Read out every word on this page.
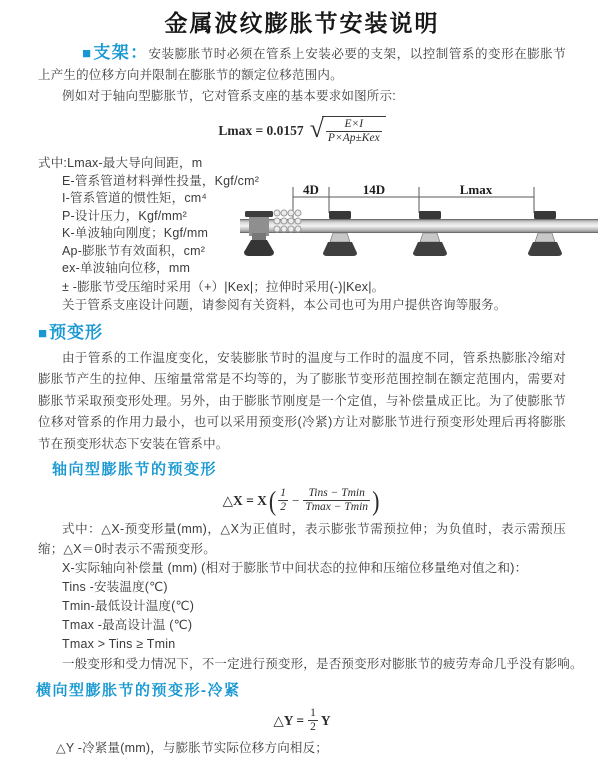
金属波纹膨胀节安装说明

■支架：安装膨胀节时必须在管系上安装必要的支架，以控制管系的变形在膨胀节上产生的位移方向并限制在膨胀节的额定位移范围内。

例如对于轴向型膨胀节，它对管系支座的基本要求如图所示:

Lmax = 0.0157 √ $\frac{E\times I}{\text{P×Ap±Kex}}$
式中:Lmax-最大导向间距，m
E-管系管道材料弹性投量，Kgf/cm²
I-管系管道的惯性矩，cm⁴
P-设计压力，Kgf/mm²
K-单波轴向刚度；Kgf/mm
Ap-膨胀节有效面积，cm²
ex-单波轴向位移，mm
4D	14D	Lmax
± -膨胀节受压缩时采用（+）|Kex|；拉伸时采用(-)|Kex|。
关于管系支座设计问题，请参阅有关资料，本公司也可为用户提供咨询等服务。
■预变形

由于管系的工作温度变化，安装膨胀节时的温度与工作时的温度不同，管系热膨胀冷缩对膨胀节产生的拉伸、压缩量常常是不均等的，为了膨胀节变形范围控制在额定范围内，需要对膨胀节采取预变形处理。另外，由于膨胀节刚度是一个定值，与补偿量成正比。为了使膨胀节位移对管系的作用力最小，也可以采用预变形(冷紧)方让对膨胀节进行预变形处理后再将膨胀节在预变形状态下安装在管系中。

轴向型膨胀节的预变形
△X = X ( $\frac{1}{2} - \frac{\text{Tins − Tmin}}{Tmax - Tmin}$ )

式中：△X-预变形量(mm)，△X为正值时，表示膨张节需预拉伸；为负值时，表示需预压缩；△X＝0时表示不需预变形。

X-实际轴向补偿量 (mm) (相对于膨胀节中间状态的拉伸和压缩位移量绝对值之和)：
Tins -安装温度(℃)
Tmin-最低设计温度(℃)
Tmax -最高设计温 (℃)
Tmax > Tins ≥ Tmin
一般变形和受力情况下，不一定进行预变形，是否预变形对膨胀节的疲劳寿命几乎没有影响。
横向型膨胀节的预变形-冷紧
△Y =
$\frac{1}{2}$ Y
△Y -冷紧量(mm)，与膨胀节实际位移方向相反；
